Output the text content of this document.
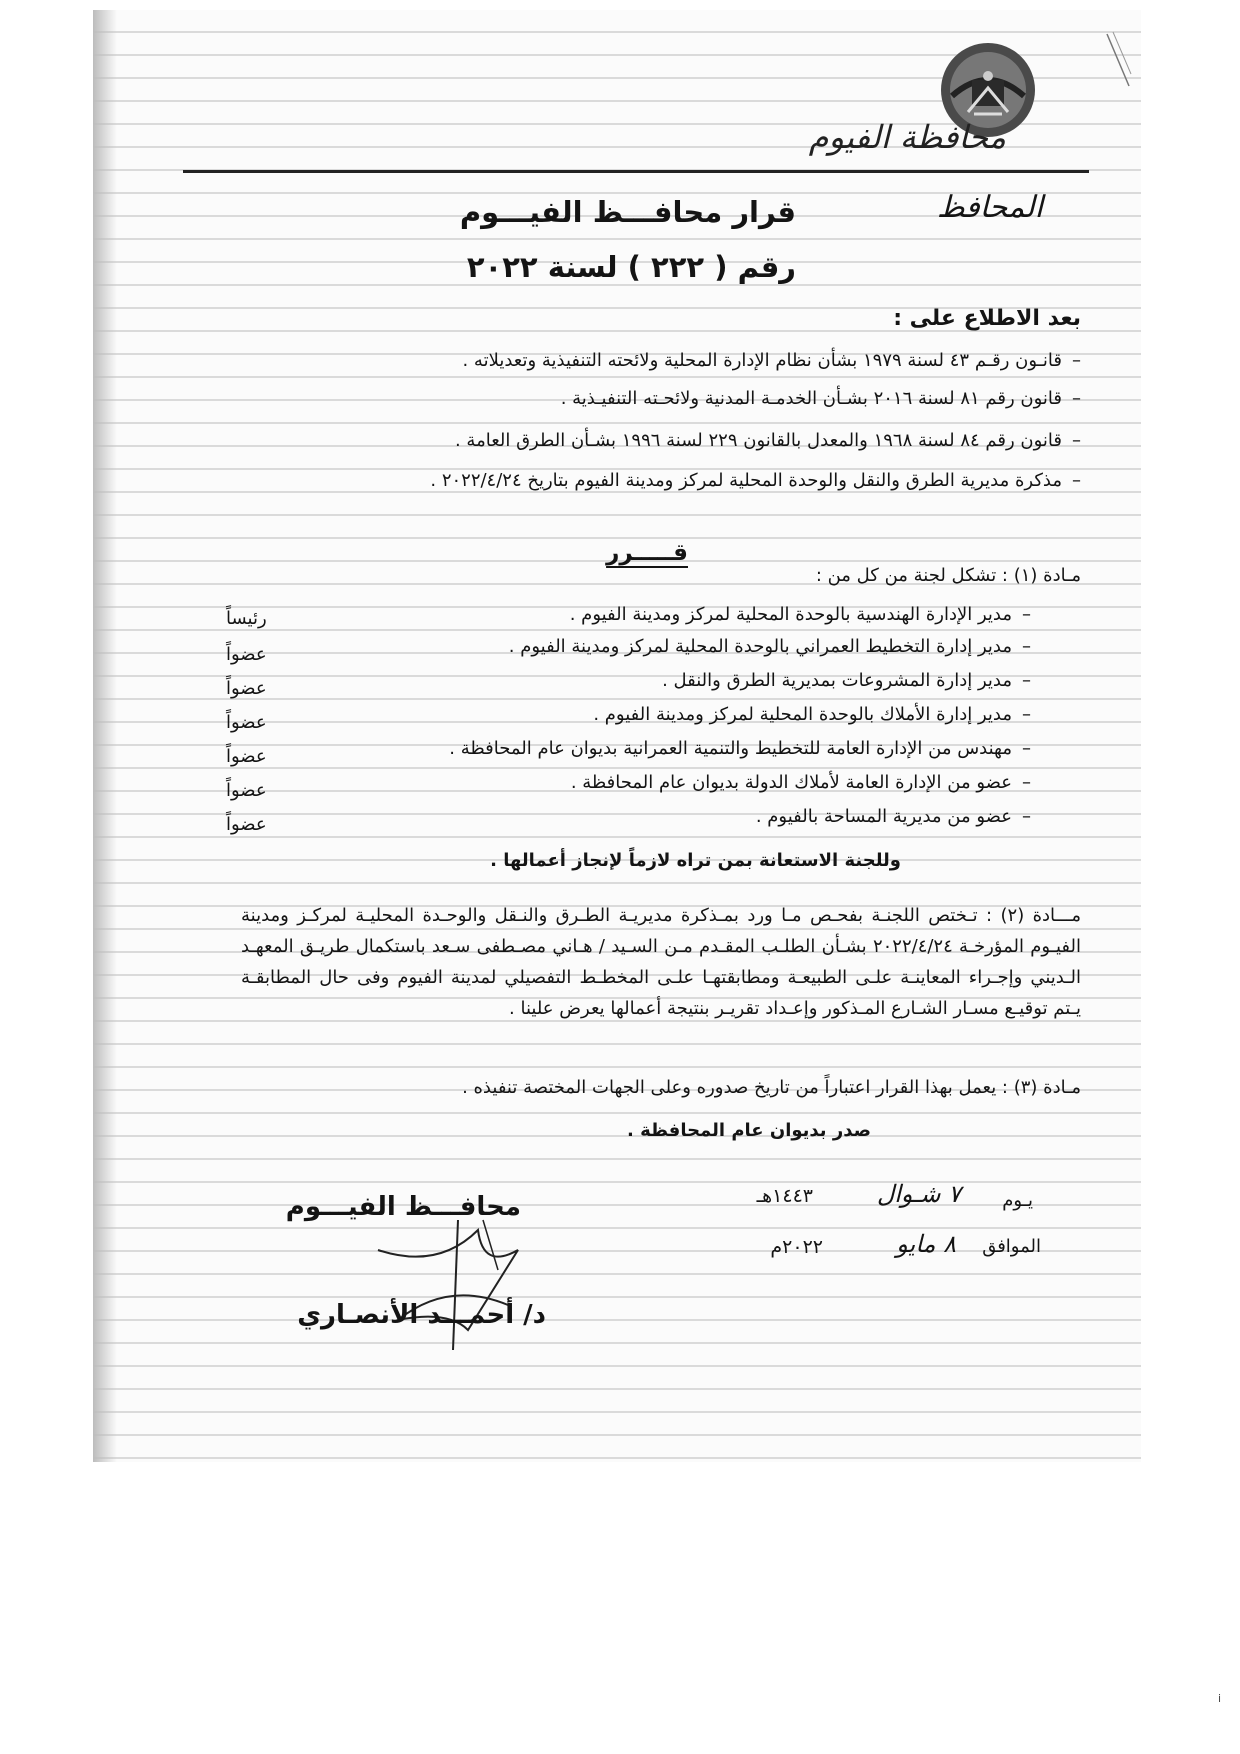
محافظة الفيوم
المحافظ
قرار محافـــظ الفيـــوم
رقم ( ٢٢٢ ) لسنة ٢٠٢٢
بعد الاطلاع على :
–قانـون رقـم ٤٣ لسنة ١٩٧٩ بشأن نظام الإدارة المحلية ولائحته التنفيذية وتعديلاته .
–قانون رقم ٨١ لسنة ٢٠١٦ بشـأن الخدمـة المدنية ولائحـته التنفيـذية .
–قانون رقم ٨٤ لسنة ١٩٦٨ والمعدل بالقانون ٢٢٩ لسنة ١٩٩٦ بشـأن الطرق العامة .
–مذكرة مديرية الطرق والنقل والوحدة المحلية لمركز ومدينة الفيوم بتاريخ ٢٠٢٢/٤/٢٤ .
قـــــرر
مـادة (١) : تشكل لجنة من كل من :
–مدير الإدارة الهندسية بالوحدة المحلية لمركز ومدينة الفيوم .
رئيساً
–مدير إدارة التخطيط العمراني بالوحدة المحلية لمركز ومدينة الفيوم .
عضواً
–مدير إدارة المشروعات بمديرية الطرق والنقل .
عضواً
–مدير إدارة الأملاك بالوحدة المحلية لمركز ومدينة الفيوم .
عضواً
–مهندس من الإدارة العامة للتخطيط والتنمية العمرانية بديوان عام المحافظة .
عضواً
–عضو من الإدارة العامة لأملاك الدولة بديوان عام المحافظة .
عضواً
–عضو من مديرية المساحة بالفيوم .
عضواً
وللجنة الاستعانة بمن تراه لازماً لإنجاز أعمالها .
مـــادة (٢) : تـختص اللجنـة بفحـص مـا ورد بمـذكرة مديريـة الطـرق والنـقل والوحـدة المحليـة لمركـز ومدينة الفيـوم المؤرخـة ٢٠٢٢/٤/٢٤ بشـأن الطلـب المقـدم مـن السـيد / هـاني مصـطفى سـعد باستكمال طريـق المعهـد الـديني وإجـراء المعاينـة علـى الطبيعـة ومطابقتهـا علـى المخطـط التفصيلي لمدينة الفيوم وفى حال المطابقـة يـتم توقيـع مسـار الشـارع المـذكور وإعـداد تقريـر بنتيجة أعمالها يعرض علينا .
مـادة (٣) : يعمل بهذا القرار اعتباراً من تاريخ صدوره وعلى الجهات المختصة تنفيذه .
صدر بديوان عام المحافظة .
يـوم
٧ شـوال
١٤٤٣هـ
الموافق
٨ مايو
٢٠٢٢م
محافـــظ الفيـــوم
د/ أحمـــد الأنصـاري
i
